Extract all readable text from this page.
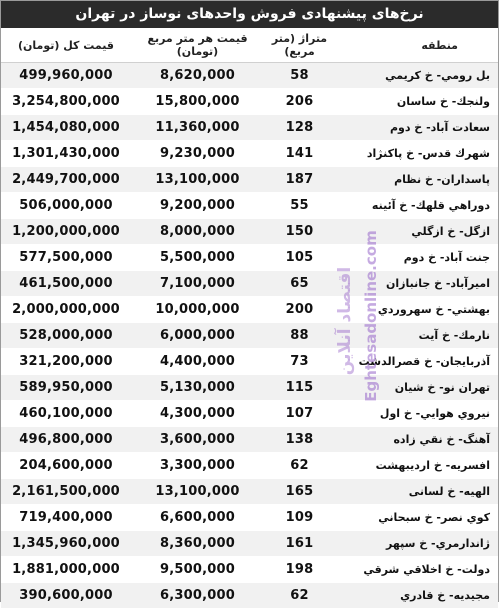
نرخ‌های پیشنهادی فروش واحدهای نوساز در تهران
قیمت کل (تومان)	قیمت هر متر مربع (تومان)	متراژ (متر مربع)	منطقه
499,960,000	8,620,000	58	بل رومي- خ کريمي
3,254,800,000	15,800,000	206	ولنجك- خ ساسان
1,454,080,000	11,360,000	128	سعادت آباد- خ دوم
1,301,430,000	9,230,000	141	شهرك قدس- خ پاکنژاد
2,449,700,000	13,100,000	187	پاسداران- خ نظام
506,000,000	9,200,000	55	دوراهي قلهك- خ آئينه
1,200,000,000	8,000,000	150	ازگل- خ ازگلي
577,500,000	5,500,000	105	جنت آباد- خ دوم
461,500,000	7,100,000	65	اميرآباد- خ جانبازان
2,000,000,000	10,000,000	200	بهشتي- خ سهروردي
528,000,000	6,000,000	88	نارمك- خ آيت
321,200,000	4,400,000	73	آذربايجان- خ قصرالدشت
589,950,000	5,130,000	115	تهران نو- خ شيان
460,100,000	4,300,000	107	نيروي هوايي- خ اول
496,800,000	3,600,000	138	آهنگ- خ نقي زاده
204,600,000	3,300,000	62	افسريه- خ ارديبهشت
2,161,500,000	13,100,000	165	الهيه- خ لسانی
719,400,000	6,600,000	109	كوي نصر- خ سبحاني
1,345,960,000	8,360,000	161	ژاندارمري- خ سپهر
1,881,000,000	9,500,000	198	دولت- خ اخلاقي شرقي
390,600,000	6,300,000	62	مجيديه- خ قادري
Eghtesadonline.com
اقتصاد آنلاین
